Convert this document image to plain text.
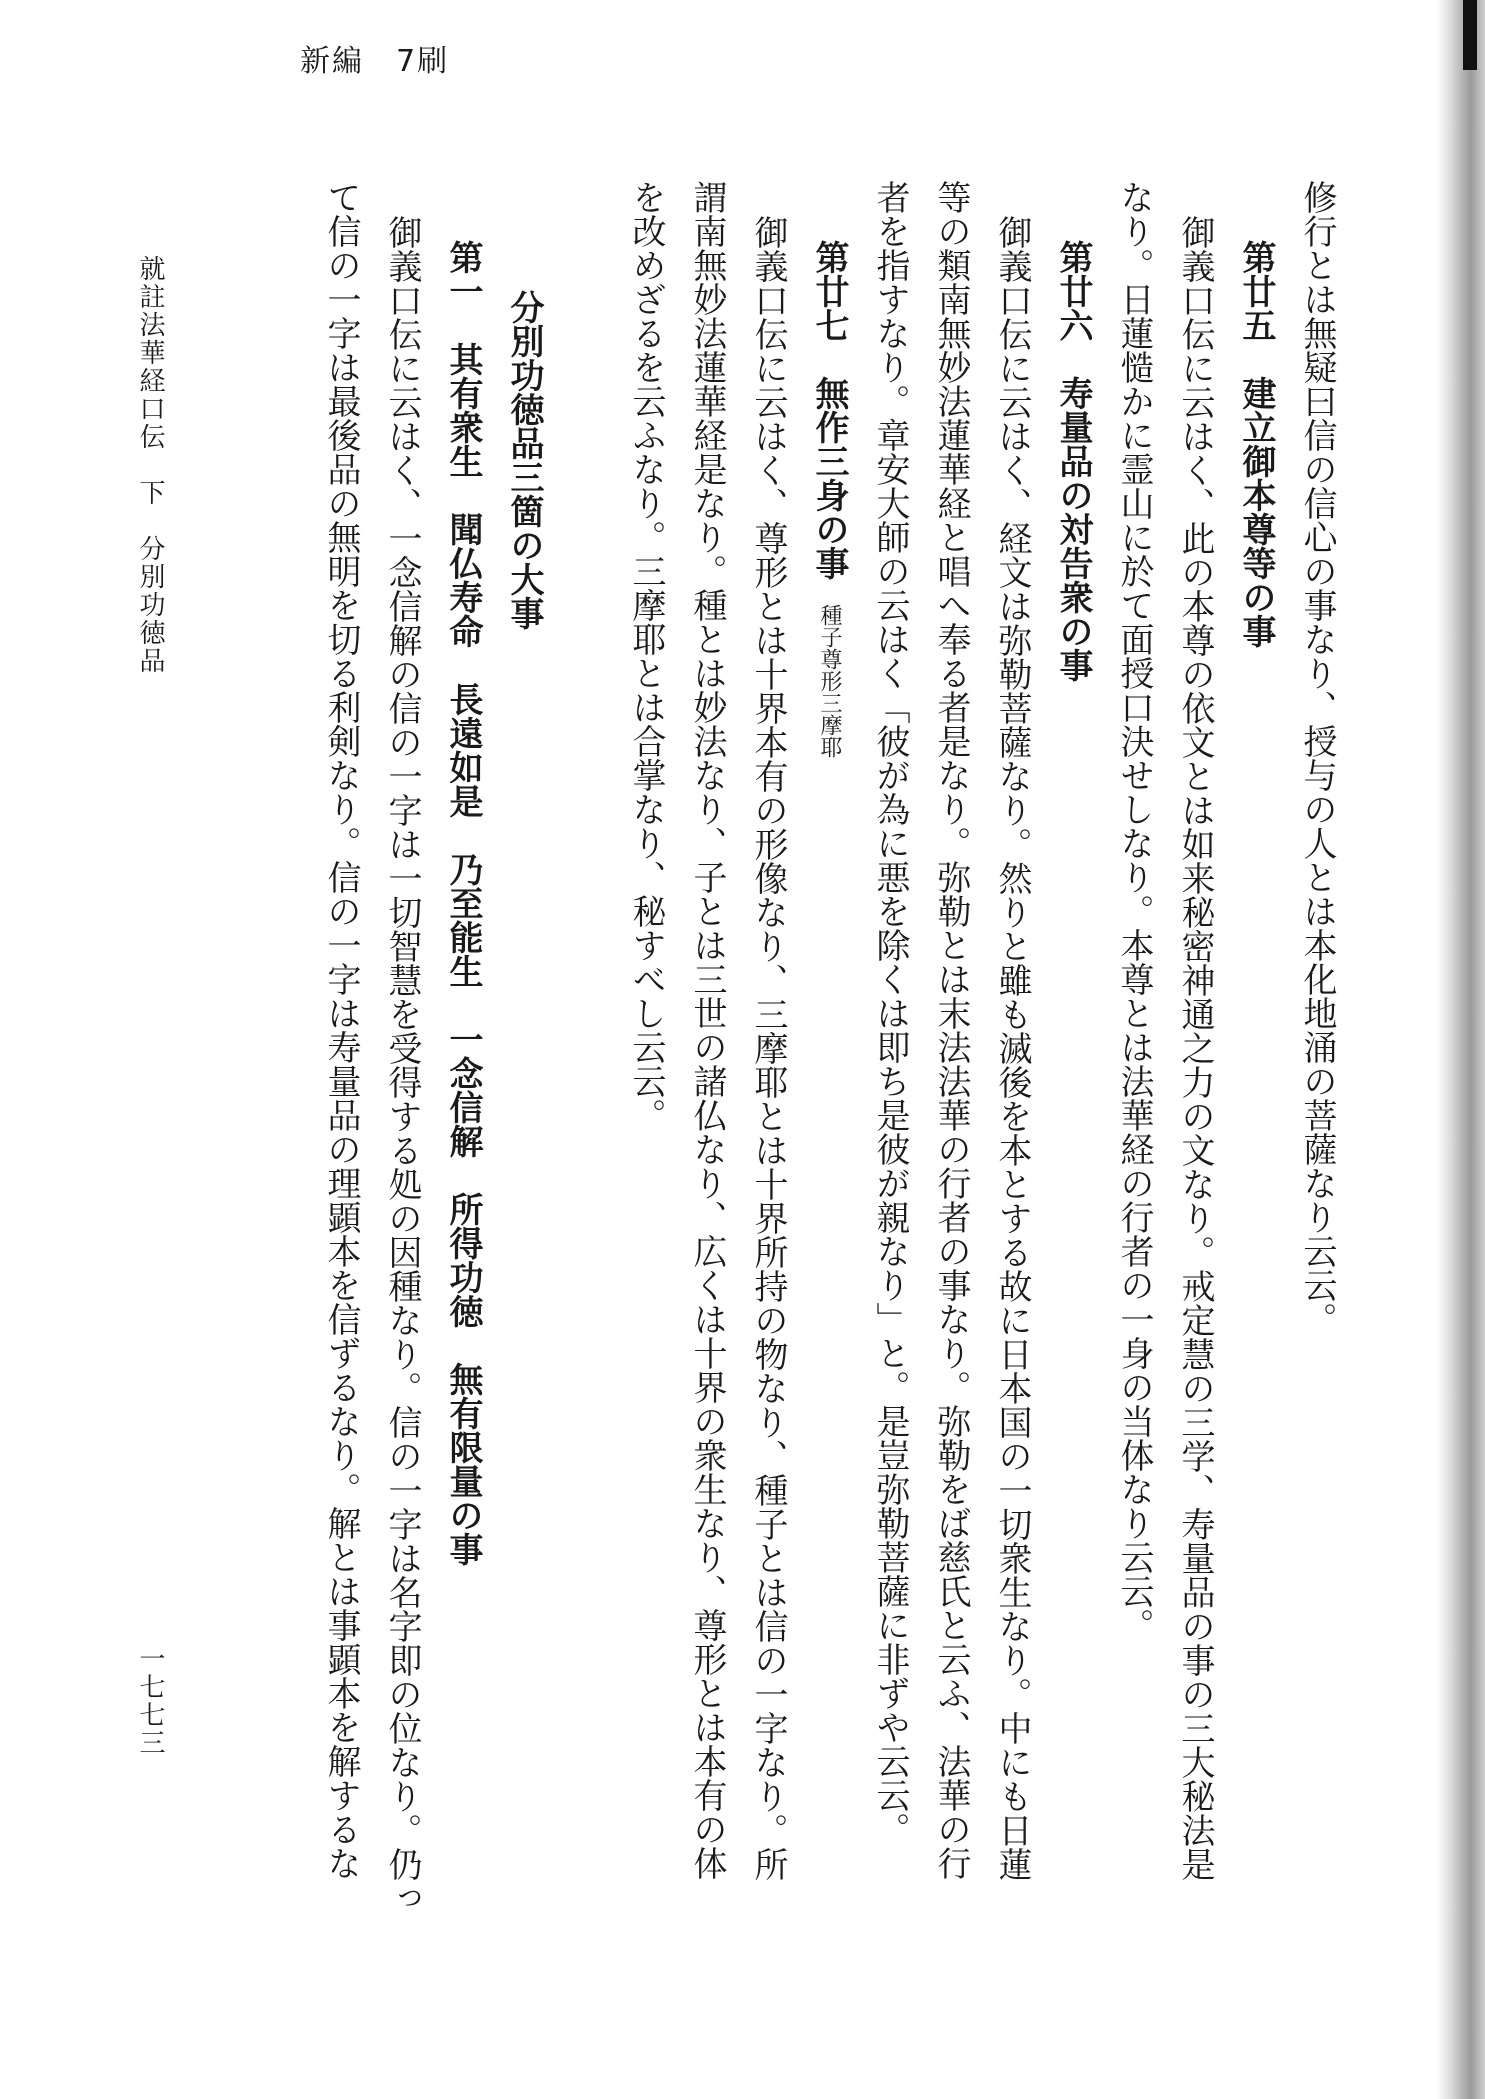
新編　7刷
修行とは無疑曰信の信心の事なり、授与の人とは本化地涌の菩薩なり云云。
第廿五　建立御本尊等の事
御義口伝に云はく、此の本尊の依文とは如来秘密神通之力の文なり。戒定慧の三学、寿量品の事の三大秘法是
なり。日蓮慥かに霊山に於て面授口決せしなり。本尊とは法華経の行者の一身の当体なり云云。
第廿六　寿量品の対告衆の事
御義口伝に云はく、経文は弥勒菩薩なり。然りと雖も滅後を本とする故に日本国の一切衆生なり。中にも日蓮
等の類南無妙法蓮華経と唱へ奉る者是なり。弥勒とは末法法華の行者の事なり。弥勒をば慈氏と云ふ、法華の行
者を指すなり。章安大師の云はく「彼が為に悪を除くは即ち是彼が親なり」と。是豈弥勒菩薩に非ずや云云。
第廿七　無作三身の事種子尊形三摩耶
御義口伝に云はく、尊形とは十界本有の形像なり、三摩耶とは十界所持の物なり、種子とは信の一字なり。所
謂南無妙法蓮華経是なり。種とは妙法なり、子とは三世の諸仏なり、広くは十界の衆生なり、尊形とは本有の体
を改めざるを云ふなり。三摩耶とは合掌なり、秘すべし云云。
分別功徳品三箇の大事
第一　其有衆生　聞仏寿命　長遠如是　乃至能生　一念信解　所得功徳　無有限量の事
御義口伝に云はく、一念信解の信の一字は一切智慧を受得する処の因種なり。信の一字は名字即の位なり。仍っ
て信の一字は最後品の無明を切る利剣なり。信の一字は寿量品の理顕本を信ずるなり。解とは事顕本を解するな
就註法華経口伝　下　分別功徳品
一七七三
